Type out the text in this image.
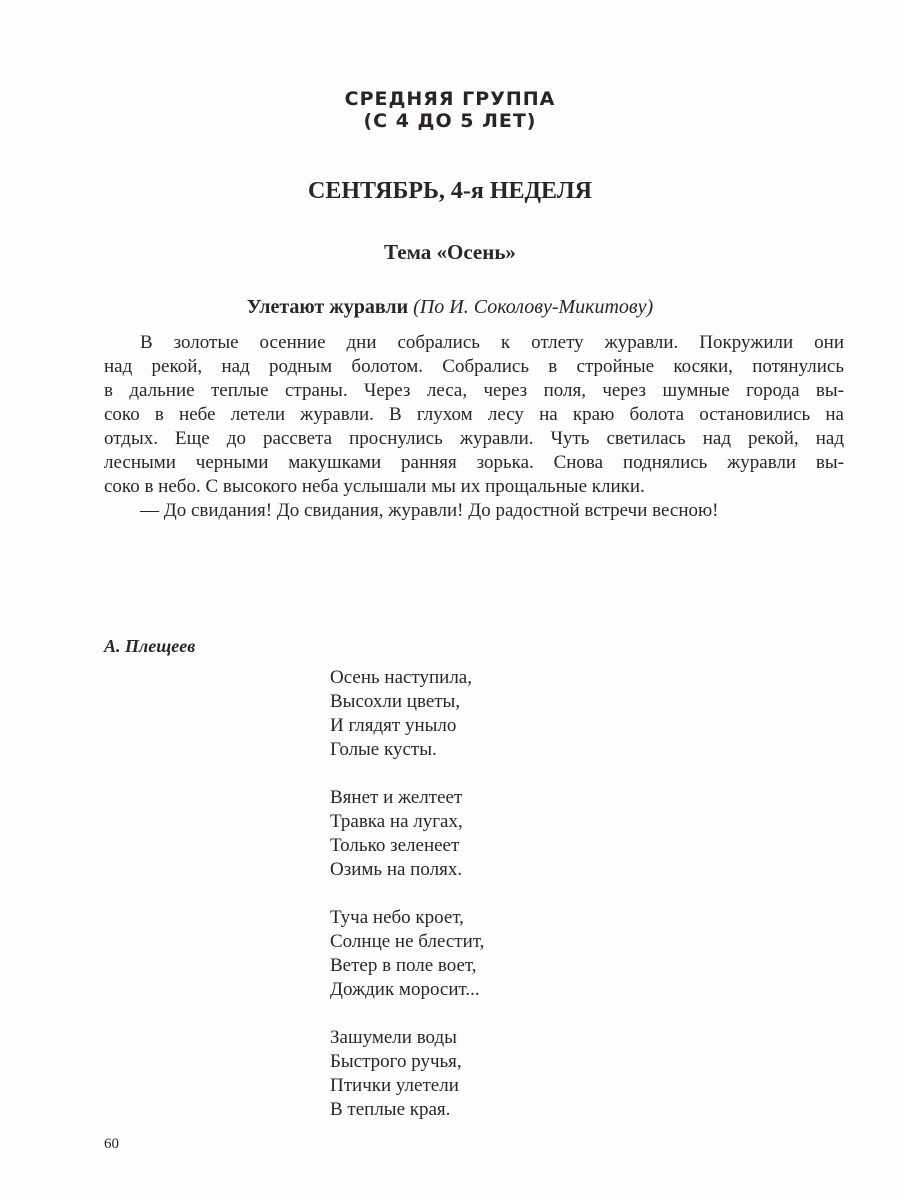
СРЕДНЯЯ ГРУППА
(С 4 ДО 5 ЛЕТ)
СЕНТЯБРЬ, 4-я НЕДЕЛЯ
Тема «Осень»
Улетают журавли (По И. Соколову-Микитову)
В золотые осенние дни собрались к отлету журавли. Покружили они
над рекой, над родным болотом. Собрались в стройные косяки, потянулись
в дальние теплые страны. Через леса, через поля, через шумные города вы-
соко в небе летели журавли. В глухом лесу на краю болота остановились на
отдых. Еще до рассвета проснулись журавли. Чуть светилась над рекой, над
лесными черными макушками ранняя зорька. Снова поднялись журавли вы-
соко в небо. С высокого неба услышали мы их прощальные клики.
— До свидания! До свидания, журавли! До радостной встречи весною!
А. Плещеев
Осень наступила,
Высохли цветы,
И глядят уныло
Голые кусты.
Вянет и желтеет
Травка на лугах,
Только зеленеет
Озимь на полях.
Туча небо кроет,
Солнце не блестит,
Ветер в поле воет,
Дождик моросит...
Зашумели воды
Быстрого ручья,
Птички улетели
В теплые края.
60
